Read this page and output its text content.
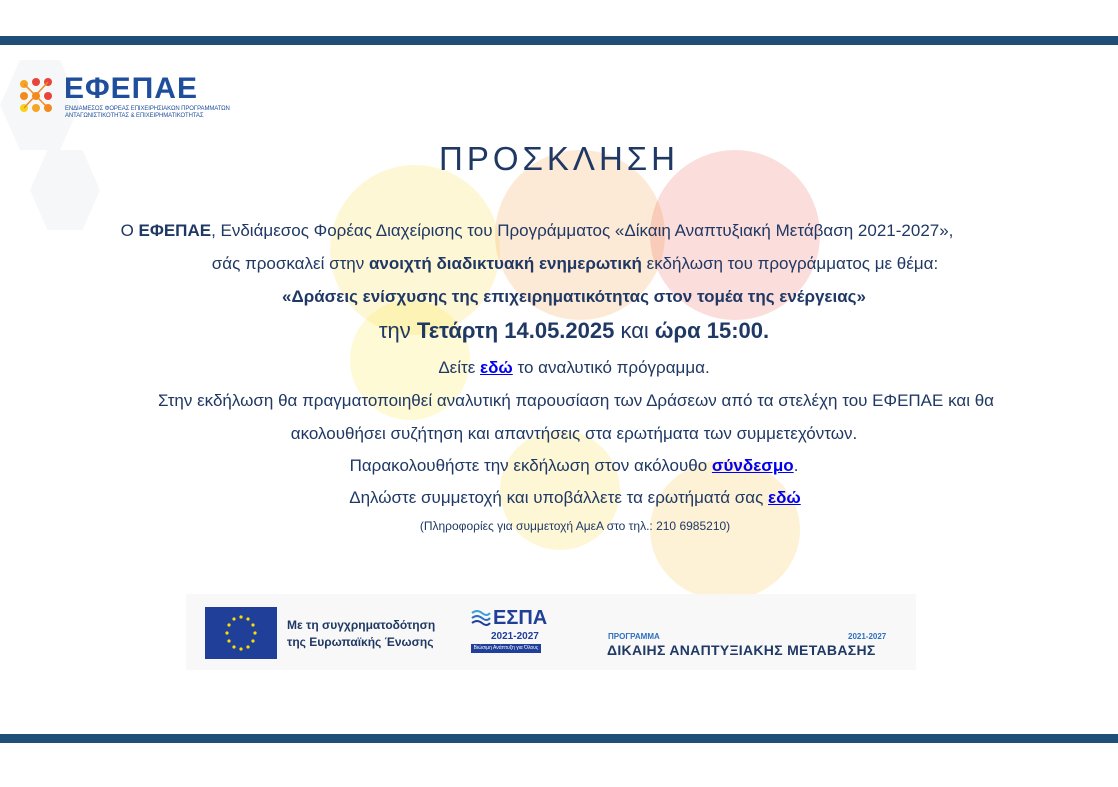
ΕΦΕΠΑΕ
ΕΝΔΙΑΜΕΣΟΣ ΦΟΡΕΑΣ ΕΠΙΧΕΙΡΗΣΙΑΚΩΝ ΠΡΟΓΡΑΜΜΑΤΩΝ
ΑΝΤΑΓΩΝΙΣΤΙΚΟΤΗΤΑΣ & ΕΠΙΧΕΙΡΗΜΑΤΙΚΟΤΗΤΑΣ
ΠΡΟΣΚΛΗΣΗ
Ο ΕΦΕΠΑΕ, Ενδιάμεσος Φορέας Διαχείρισης του Προγράμματος «Δίκαιη Αναπτυξιακή Μετάβαση 2021-2027»,
σάς προσκαλεί στην ανοιχτή διαδικτυακή ενημερωτική εκδήλωση του προγράμματος με θέμα:
«Δράσεις ενίσχυσης της επιχειρηματικότητας στον τομέα της ενέργειας»
την Τετάρτη 14.05.2025 και ώρα 15:00.
Δείτε εδώ το αναλυτικό πρόγραμμα.
Στην εκδήλωση θα πραγματοποιηθεί αναλυτική παρουσίαση των Δράσεων από τα στελέχη του ΕΦΕΠΑΕ και θα
ακολουθήσει συζήτηση και απαντήσεις στα ερωτήματα των συμμετεχόντων.
Παρακολουθήστε την εκδήλωση στον ακόλουθο σύνδεσμο.
Δηλώστε συμμετοχή και υποβάλλετε τα ερωτήματά σας εδώ
(Πληροφορίες για συμμετοχή ΑμεΑ στο τηλ.: 210 6985210)
Με τη συγχρηματοδότηση
της Ευρωπαϊκής Ένωσης
ΕΣΠΑ
2021-2027
Βιώσιμη Ανάπτυξη για Όλους
ΠΡΟΓΡΑΜΜΑ	2021-2027
ΔΙΚΑΙΗΣ ΑΝΑΠΤΥΞΙΑΚΗΣ ΜΕΤΑΒΑΣΗΣ
